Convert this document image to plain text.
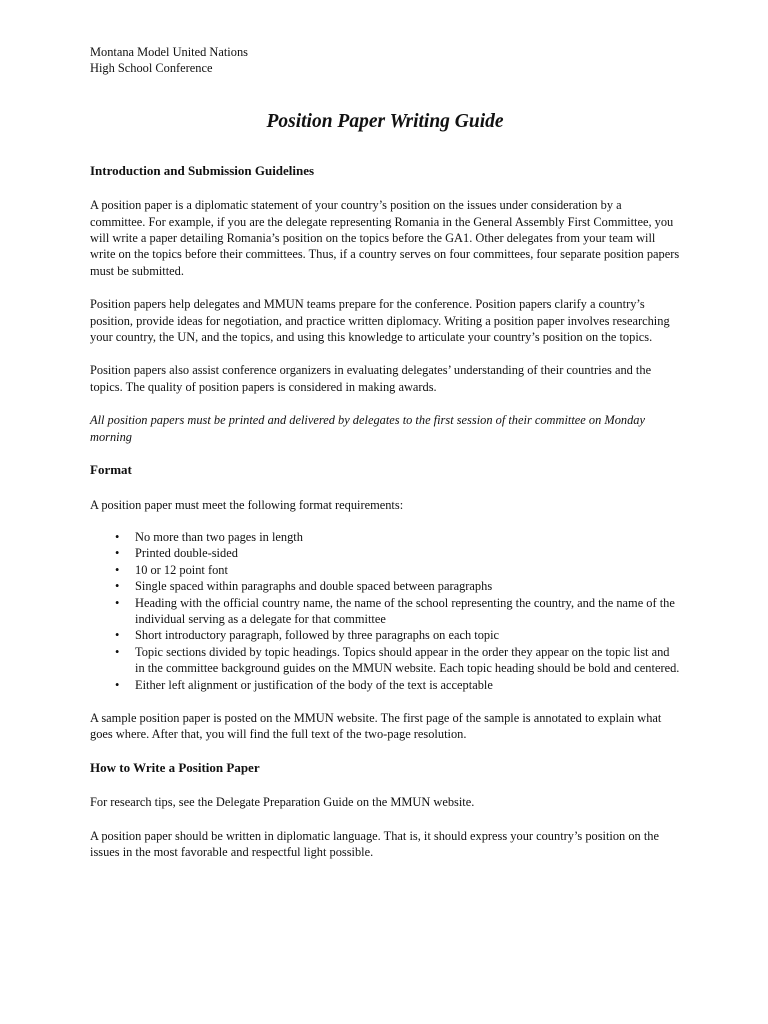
Montana Model United Nations

High School Conference

Position Paper Writing Guide
Introduction and Submission Guidelines

A position paper is a diplomatic statement of your country’s position on the issues under consideration by a committee. For example, if you are the delegate representing Romania in the General Assembly First Committee, you will write a paper detailing Romania’s position on the topics before the GA1. Other delegates from your team will write on the topics before their committees. Thus, if a country serves on four committees, four separate position papers must be submitted.

Position papers help delegates and MMUN teams prepare for the conference. Position papers clarify a country’s position, provide ideas for negotiation, and practice written diplomacy. Writing a position paper involves researching your country, the UN, and the topics, and using this knowledge to articulate your country’s position on the topics.

Position papers also assist conference organizers in evaluating delegates’ understanding of their countries and the topics. The quality of position papers is considered in making awards.

All position papers must be printed and delivered by delegates to the first session of their committee on Monday morning

Format

A position paper must meet the following format requirements:

• No more than two pages in length
• Printed double-sided
• 10 or 12 point font
• Single spaced within paragraphs and double spaced between paragraphs
• Heading with the official country name, the name of the school representing the country, and the name of the individual serving as a delegate for that committee
• Short introductory paragraph, followed by three paragraphs on each topic
• Topic sections divided by topic headings. Topics should appear in the order they appear on the topic list and in the committee background guides on the MMUN website. Each topic heading should be bold and centered.
• Either left alignment or justification of the body of the text is acceptable

A sample position paper is posted on the MMUN website. The first page of the sample is annotated to explain what goes where. After that, you will find the full text of the two-page resolution.

How to Write a Position Paper

For research tips, see the Delegate Preparation Guide on the MMUN website.

A position paper should be written in diplomatic language. That is, it should express your country’s position on the issues in the most favorable and respectful light possible.
